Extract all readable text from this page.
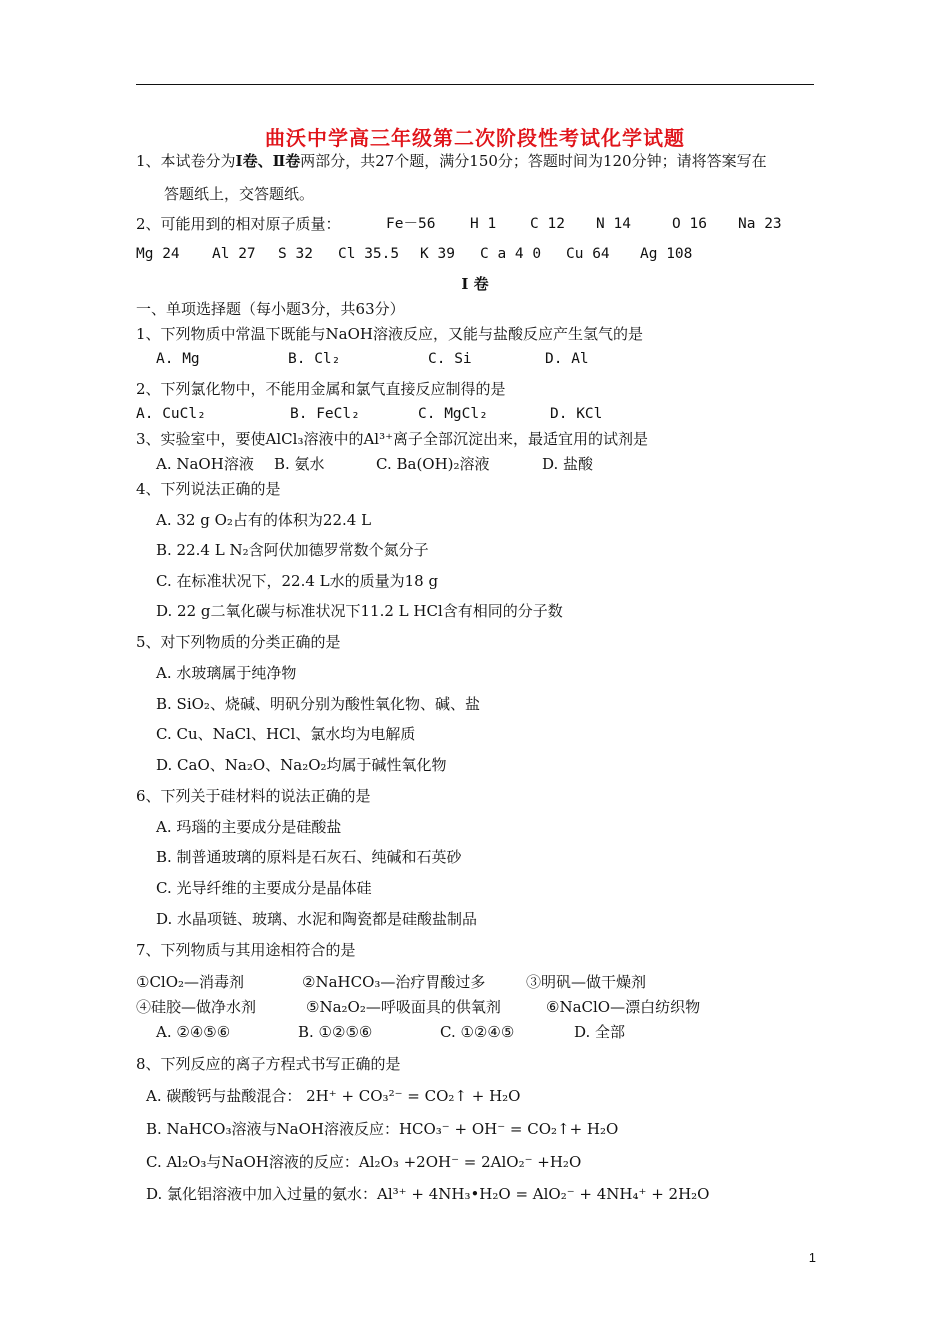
曲沃中学高三年级第二次阶段性考试化学试题
1、本试卷分为Ⅰ卷、Ⅱ卷两部分，共27个题，满分150分；答题时间为120分钟；请将答案写在
答题纸上，交答题纸。
2、可能用到的相对原子质量：	Fe－56 H 1 C 12 N 14	O 16 Na 23
Mg 24 Al 27 S 32 Cl 35.5 K 39 C a 4 0 Cu 64 Ag 108
Ⅰ 卷
一、单项选择题（每小题3分，共63分）
1、下列物质中常温下既能与NaOH溶液反应，又能与盐酸反应产生氢气的是
A. Mg	B. Cl₂	C. Si	D. Al
2、下列氯化物中，不能用金属和氯气直接反应制得的是
A. CuCl₂	B. FeCl₂	C. MgCl₂	D. KCl
3、实验室中，要使AlCl₃溶液中的Al³⁺离子全部沉淀出来，最适宜用的试剂是
A. NaOH溶液 B. 氨水	C. Ba(OH)₂溶液	D. 盐酸
4、下列说法正确的是
A. 32 g O₂占有的体积为22.4 L
B. 22.4 L N₂含阿伏加德罗常数个氮分子
C. 在标准状况下，22.4 L水的质量为18 g
D. 22 g二氧化碳与标准状况下11.2 L HCl含有相同的分子数
5、对下列物质的分类正确的是
A. 水玻璃属于纯净物
B. SiO₂、烧碱、明矾分别为酸性氧化物、碱、盐
C. Cu、NaCl、HCl、氯水均为电解质
D. CaO、Na₂O、Na₂O₂均属于碱性氧化物
6、下列关于硅材料的说法正确的是
A. 玛瑙的主要成分是硅酸盐
B. 制普通玻璃的原料是石灰石、纯碱和石英砂
C. 光导纤维的主要成分是晶体硅
D. 水晶项链、玻璃、水泥和陶瓷都是硅酸盐制品
7、下列物质与其用途相符合的是
①ClO₂—消毒剂	②NaHCO₃—治疗胃酸过多	③明矾—做干燥剂
④硅胶—做净水剂	⑤Na₂O₂—呼吸面具的供氧剂	⑥NaClO—漂白纺织物
A. ②④⑤⑥	B. ①②⑤⑥	C. ①②④⑤	D. 全部
8、下列反应的离子方程式书写正确的是
A. 碳酸钙与盐酸混合： 2H⁺ + CO₃²⁻ = CO₂↑ + H₂O
B. NaHCO₃溶液与NaOH溶液反应：HCO₃⁻ + OH⁻ = CO₂↑+ H₂O
C. Al₂O₃与NaOH溶液的反应：Al₂O₃ +2OH⁻ = 2AlO₂⁻ +H₂O
D. 氯化铝溶液中加入过量的氨水：Al³⁺ + 4NH₃•H₂O = AlO₂⁻ + 4NH₄⁺ + 2H₂O
1
